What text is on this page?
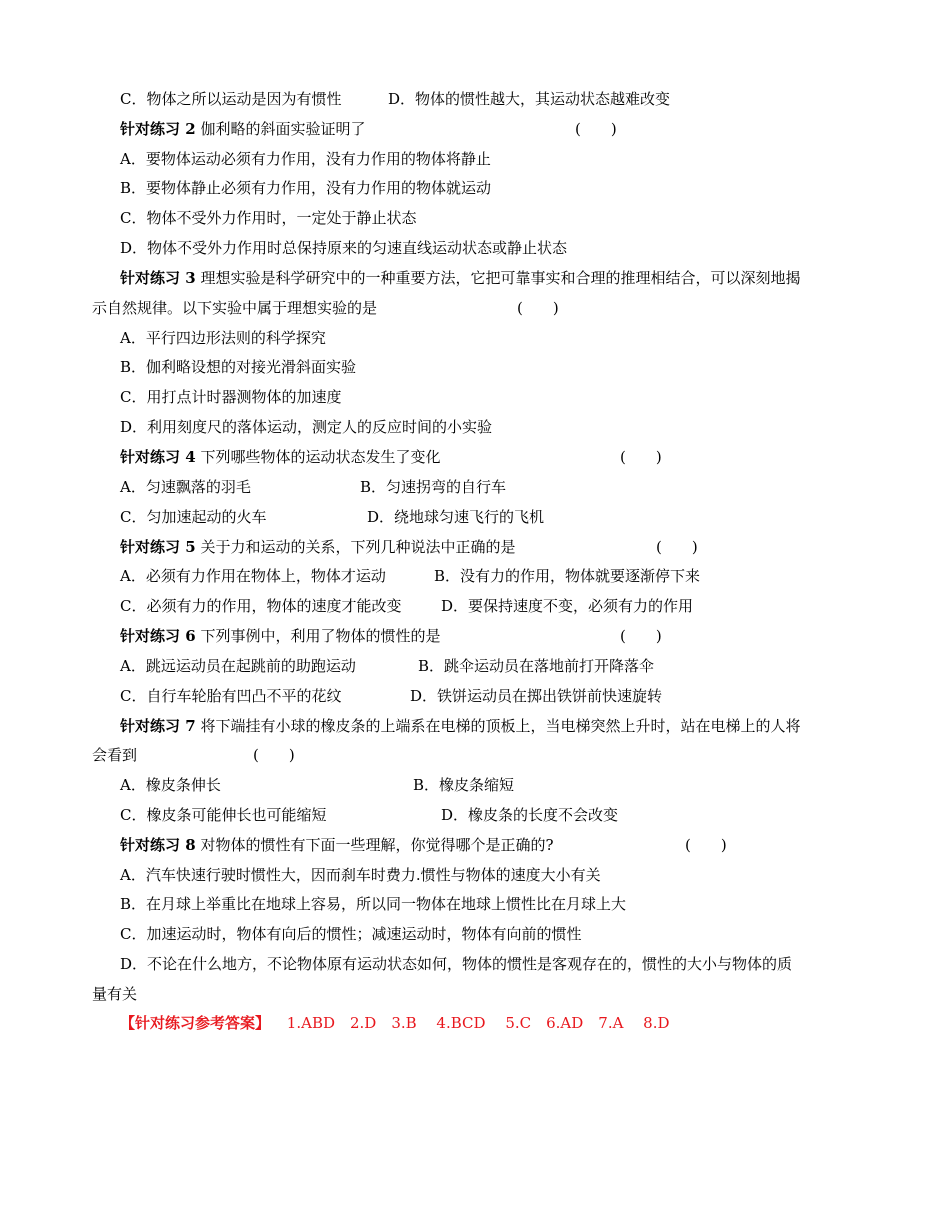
C．物体之所以运动是因为有惯性	D．物体的惯性越大，其运动状态越难改变
针对练习 2 伽利略的斜面实验证明了	(　　)
A．要物体运动必须有力作用，没有力作用的物体将静止
B．要物体静止必须有力作用，没有力作用的物体就运动
C．物体不受外力作用时，一定处于静止状态
D．物体不受外力作用时总保持原来的匀速直线运动状态或静止状态
针对练习 3 理想实验是科学研究中的一种重要方法，它把可靠事实和合理的推理相结合，可以深刻地揭
示自然规律。以下实验中属于理想实验的是	(　　)
A．平行四边形法则的科学探究
B．伽利略设想的对接光滑斜面实验
C．用打点计时器测物体的加速度
D．利用刻度尺的落体运动，测定人的反应时间的小实验
针对练习 4 下列哪些物体的运动状态发生了变化	(　　)
A．匀速飘落的羽毛	B．匀速拐弯的自行车
C．匀加速起动的火车	D．绕地球匀速飞行的飞机
针对练习 5 关于力和运动的关系，下列几种说法中正确的是	(　　)
A．必须有力作用在物体上，物体才运动	B．没有力的作用，物体就要逐渐停下来
C．必须有力的作用，物体的速度才能改变	D．要保持速度不变，必须有力的作用
针对练习 6 下列事例中，利用了物体的惯性的是	(　　)
A．跳远运动员在起跳前的助跑运动	B．跳伞运动员在落地前打开降落伞
C．自行车轮胎有凹凸不平的花纹	D．铁饼运动员在掷出铁饼前快速旋转
针对练习 7 将下端挂有小球的橡皮条的上端系在电梯的顶板上，当电梯突然上升时，站在电梯上的人将
会看到	(　　)
A．橡皮条伸长	B．橡皮条缩短
C．橡皮条可能伸长也可能缩短	D．橡皮条的长度不会改变
针对练习 8 对物体的惯性有下面一些理解，你觉得哪个是正确的?	(　　)
A．汽车快速行驶时惯性大，因而刹车时费力.惯性与物体的速度大小有关
B．在月球上举重比在地球上容易，所以同一物体在地球上惯性比在月球上大
C．加速运动时，物体有向后的惯性；减速运动时，物体有向前的惯性
D．不论在什么地方，不论物体原有运动状态如何，物体的惯性是客观存在的，惯性的大小与物体的质
量有关
【针对练习参考答案】 1.ABD　2.D　3.B　 4.BCD　 5.C　6.AD　7.A　 8.D
